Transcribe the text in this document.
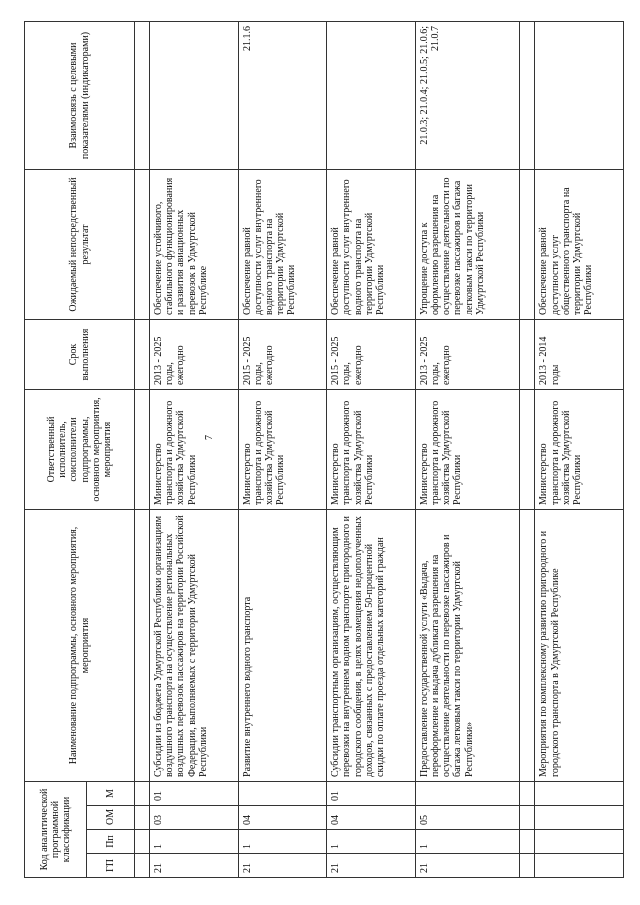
7
Код аналитической программной классификации				Наименование подпрограммы, основного мероприятия, мероприятия	Ответственный исполнитель, соисполнители подпрограммы, основного мероприятия, мероприятия	Срок выполнения	Ожидаемый непосредственный результат	Взаимосвязь с целевыми показателями (индикаторами)
ГП	Пп	ОМ	М					

21	1	03	01	Субсидии из бюджета Удмуртской Республики организациям воздушного транспорта на осуществление региональных воздушных перевозок пассажиров на территории Российской Федерации, выполняемых с территории Удмуртской Республики	Министерство транспорта и дорожного хозяйства Удмуртской Республики	2013 - 2025 годы, ежегодно	Обеспечение устойчивого, стабильного функционирования и развития авиационных перевозок в Удмуртской Республике	
21	1	04		Развитие внутреннего водного транспорта	Министерство транспорта и дорожного хозяйства Удмуртской Республики	2015 - 2025 годы, ежегодно	Обеспечение равной доступности услуг внутреннего водного транспорта на территории Удмуртской Республики	21.1.6
21	1	04	01	Субсидии транспортным организациям, осуществляющим перевозки на внутреннем водном транспорте пригородного и городского сообщения, в целях возмещения недополученных доходов, связанных с предоставлением 50-процентной скидки по оплате проезда отдельных категорий граждан	Министерство транспорта и дорожного хозяйства Удмуртской Республики	2015 - 2025 годы, ежегодно	Обеспечение равной доступности услуг внутреннего водного транспорта на территории Удмуртской Республики	
21	1	05		Предоставление государственной услуги «Выдача, переоформление и выдача дубликата разрешения на осуществление деятельности по перевозке пассажиров и багажа легковым такси по территории Удмуртской Республики»	Министерство транспорта и дорожного хозяйства Удмуртской Республики	2013 - 2025 годы, ежегодно	Упрощение доступа к оформлению разрешения на осуществление деятельности по перевозке пассажиров и багажа легковым такси по территории Удмуртской Республики	21.0.3; 21.0.4; 21.0.5; 21.0.6; 21.0.7

				Мероприятия по комплексному развитию пригородного и городского транспорта в Удмуртской Республике	Министерство транспорта и дорожного хозяйства Удмуртской Республики	2013 - 2014 годы	Обеспечение равной доступности услуг общественного транспорта на территории Удмуртской Республики	
